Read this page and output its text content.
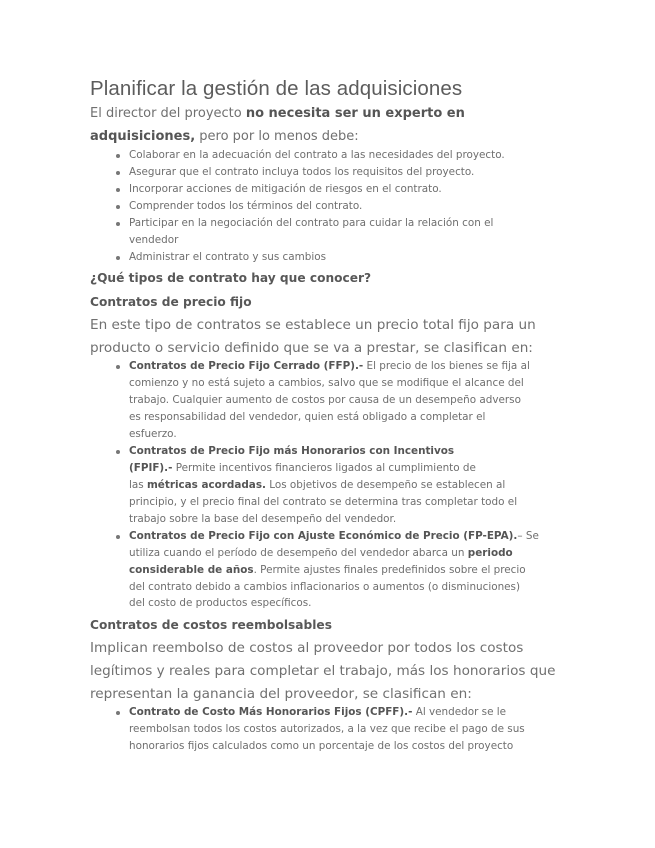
Planificar la gestión de las adquisiciones
El director del proyecto no necesita ser un experto en
adquisiciones, pero por lo menos debe:
Colaborar en la adecuación del contrato a las necesidades del proyecto.
Asegurar que el contrato incluya todos los requisitos del proyecto.
Incorporar acciones de mitigación de riesgos en el contrato.
Comprender todos los términos del contrato.
Participar en la negociación del contrato para cuidar la relación con el
vendedor
Administrar el contrato y sus cambios
¿Qué tipos de contrato hay que conocer?
Contratos de precio fijo
En este tipo de contratos se establece un precio total fijo para un
producto o servicio definido que se va a prestar, se clasifican en:
Contratos de Precio Fijo Cerrado (FFP).- El precio de los bienes se fija al
comienzo y no está sujeto a cambios, salvo que se modifique el alcance del
trabajo. Cualquier aumento de costos por causa de un desempeño adverso
es responsabilidad del vendedor, quien está obligado a completar el
esfuerzo.
Contratos de Precio Fijo más Honorarios con Incentivos
(FPIF).- Permite incentivos financieros ligados al cumplimiento de
las métricas acordadas. Los objetivos de desempeño se establecen al
principio, y el precio final del contrato se determina tras completar todo el
trabajo sobre la base del desempeño del vendedor.
Contratos de Precio Fijo con Ajuste Económico de Precio (FP-EPA).– Se
utiliza cuando el período de desempeño del vendedor abarca un periodo
considerable de años. Permite ajustes finales predefinidos sobre el precio
del contrato debido a cambios inflacionarios o aumentos (o disminuciones)
del costo de productos específicos.
Contratos de costos reembolsables
Implican reembolso de costos al proveedor por todos los costos
legítimos y reales para completar el trabajo, más los honorarios que
representan la ganancia del proveedor, se clasifican en:
Contrato de Costo Más Honorarios Fijos (CPFF).- Al vendedor se le
reembolsan todos los costos autorizados, a la vez que recibe el pago de sus
honorarios fijos calculados como un porcentaje de los costos del proyecto
